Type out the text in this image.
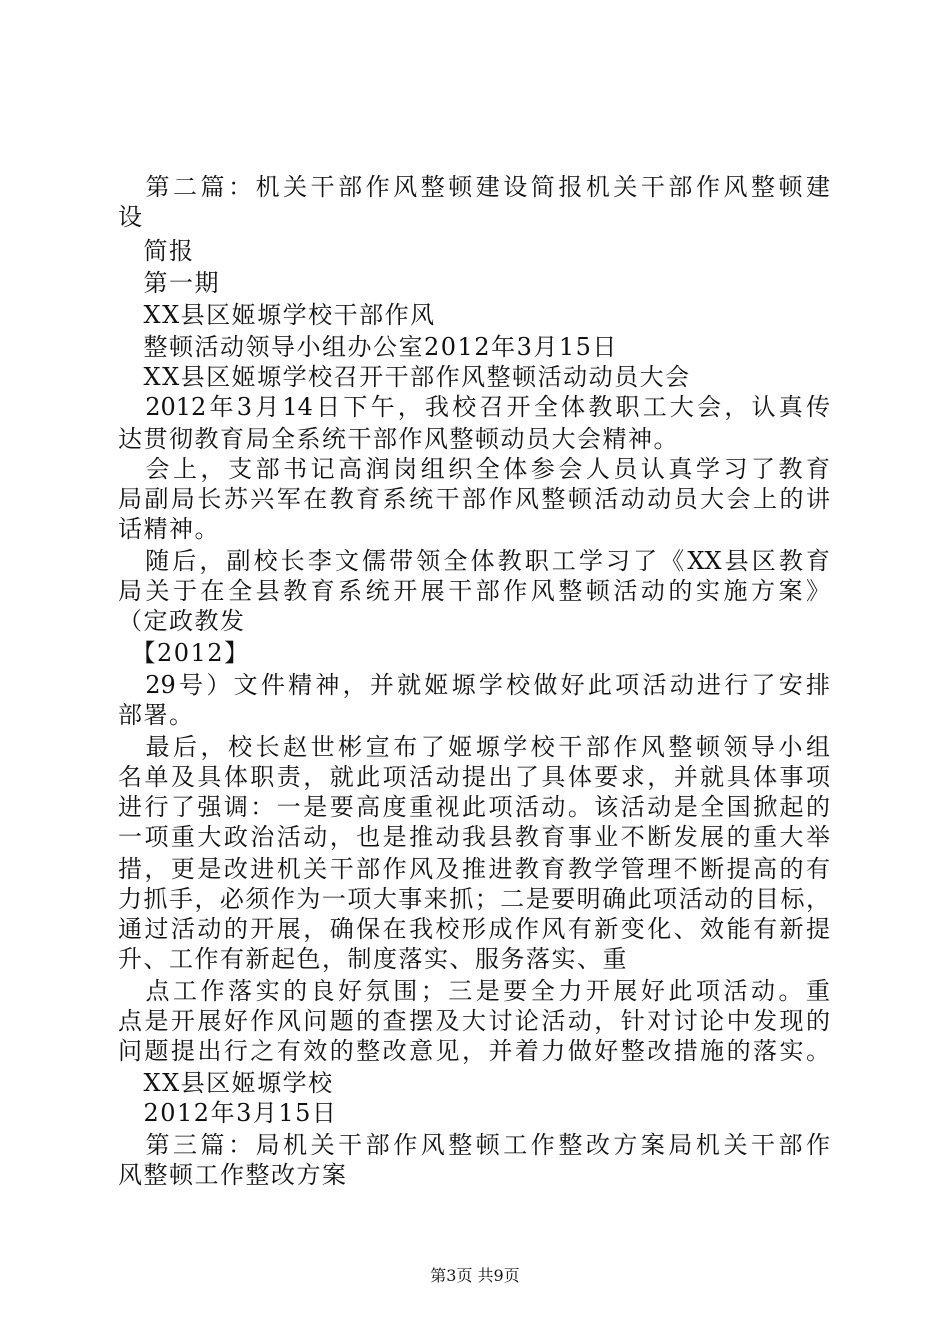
　第二篇：机关干部作风整顿建设简报机关干部作风整顿建
设
　简报
　第一期
　XX县区姬塬学校干部作风
　整顿活动领导小组办公室2012年3月15日
　XX县区姬塬学校召开干部作风整顿活动动员大会
　2012年3月14日下午，我校召开全体教职工大会，认真传
达贯彻教育局全系统干部作风整顿动员大会精神。
　会上，支部书记高润岗组织全体参会人员认真学习了教育
局副局长苏兴军在教育系统干部作风整顿活动动员大会上的讲
话精神。
　随后，副校长李文儒带领全体教职工学习了《XX县区教育
局关于在全县教育系统开展干部作风整顿活动的实施方案》
（定政教发
　【2012】
　29号）文件精神，并就姬塬学校做好此项活动进行了安排
部署。
　最后，校长赵世彬宣布了姬塬学校干部作风整顿领导小组
名单及具体职责，就此项活动提出了具体要求，并就具体事项
进行了强调：一是要高度重视此项活动。该活动是全国掀起的
一项重大政治活动，也是推动我县教育事业不断发展的重大举
措，更是改进机关干部作风及推进教育教学管理不断提高的有
力抓手，必须作为一项大事来抓；二是要明确此项活动的目标，
通过活动的开展，确保在我校形成作风有新变化、效能有新提
升、工作有新起色，制度落实、服务落实、重
　点工作落实的良好氛围；三是要全力开展好此项活动。重
点是开展好作风问题的查摆及大讨论活动，针对讨论中发现的
问题提出行之有效的整改意见，并着力做好整改措施的落实。
　XX县区姬塬学校
　2012年3月15日
　第三篇：局机关干部作风整顿工作整改方案局机关干部作
风整顿工作整改方案
第3页 共9页
